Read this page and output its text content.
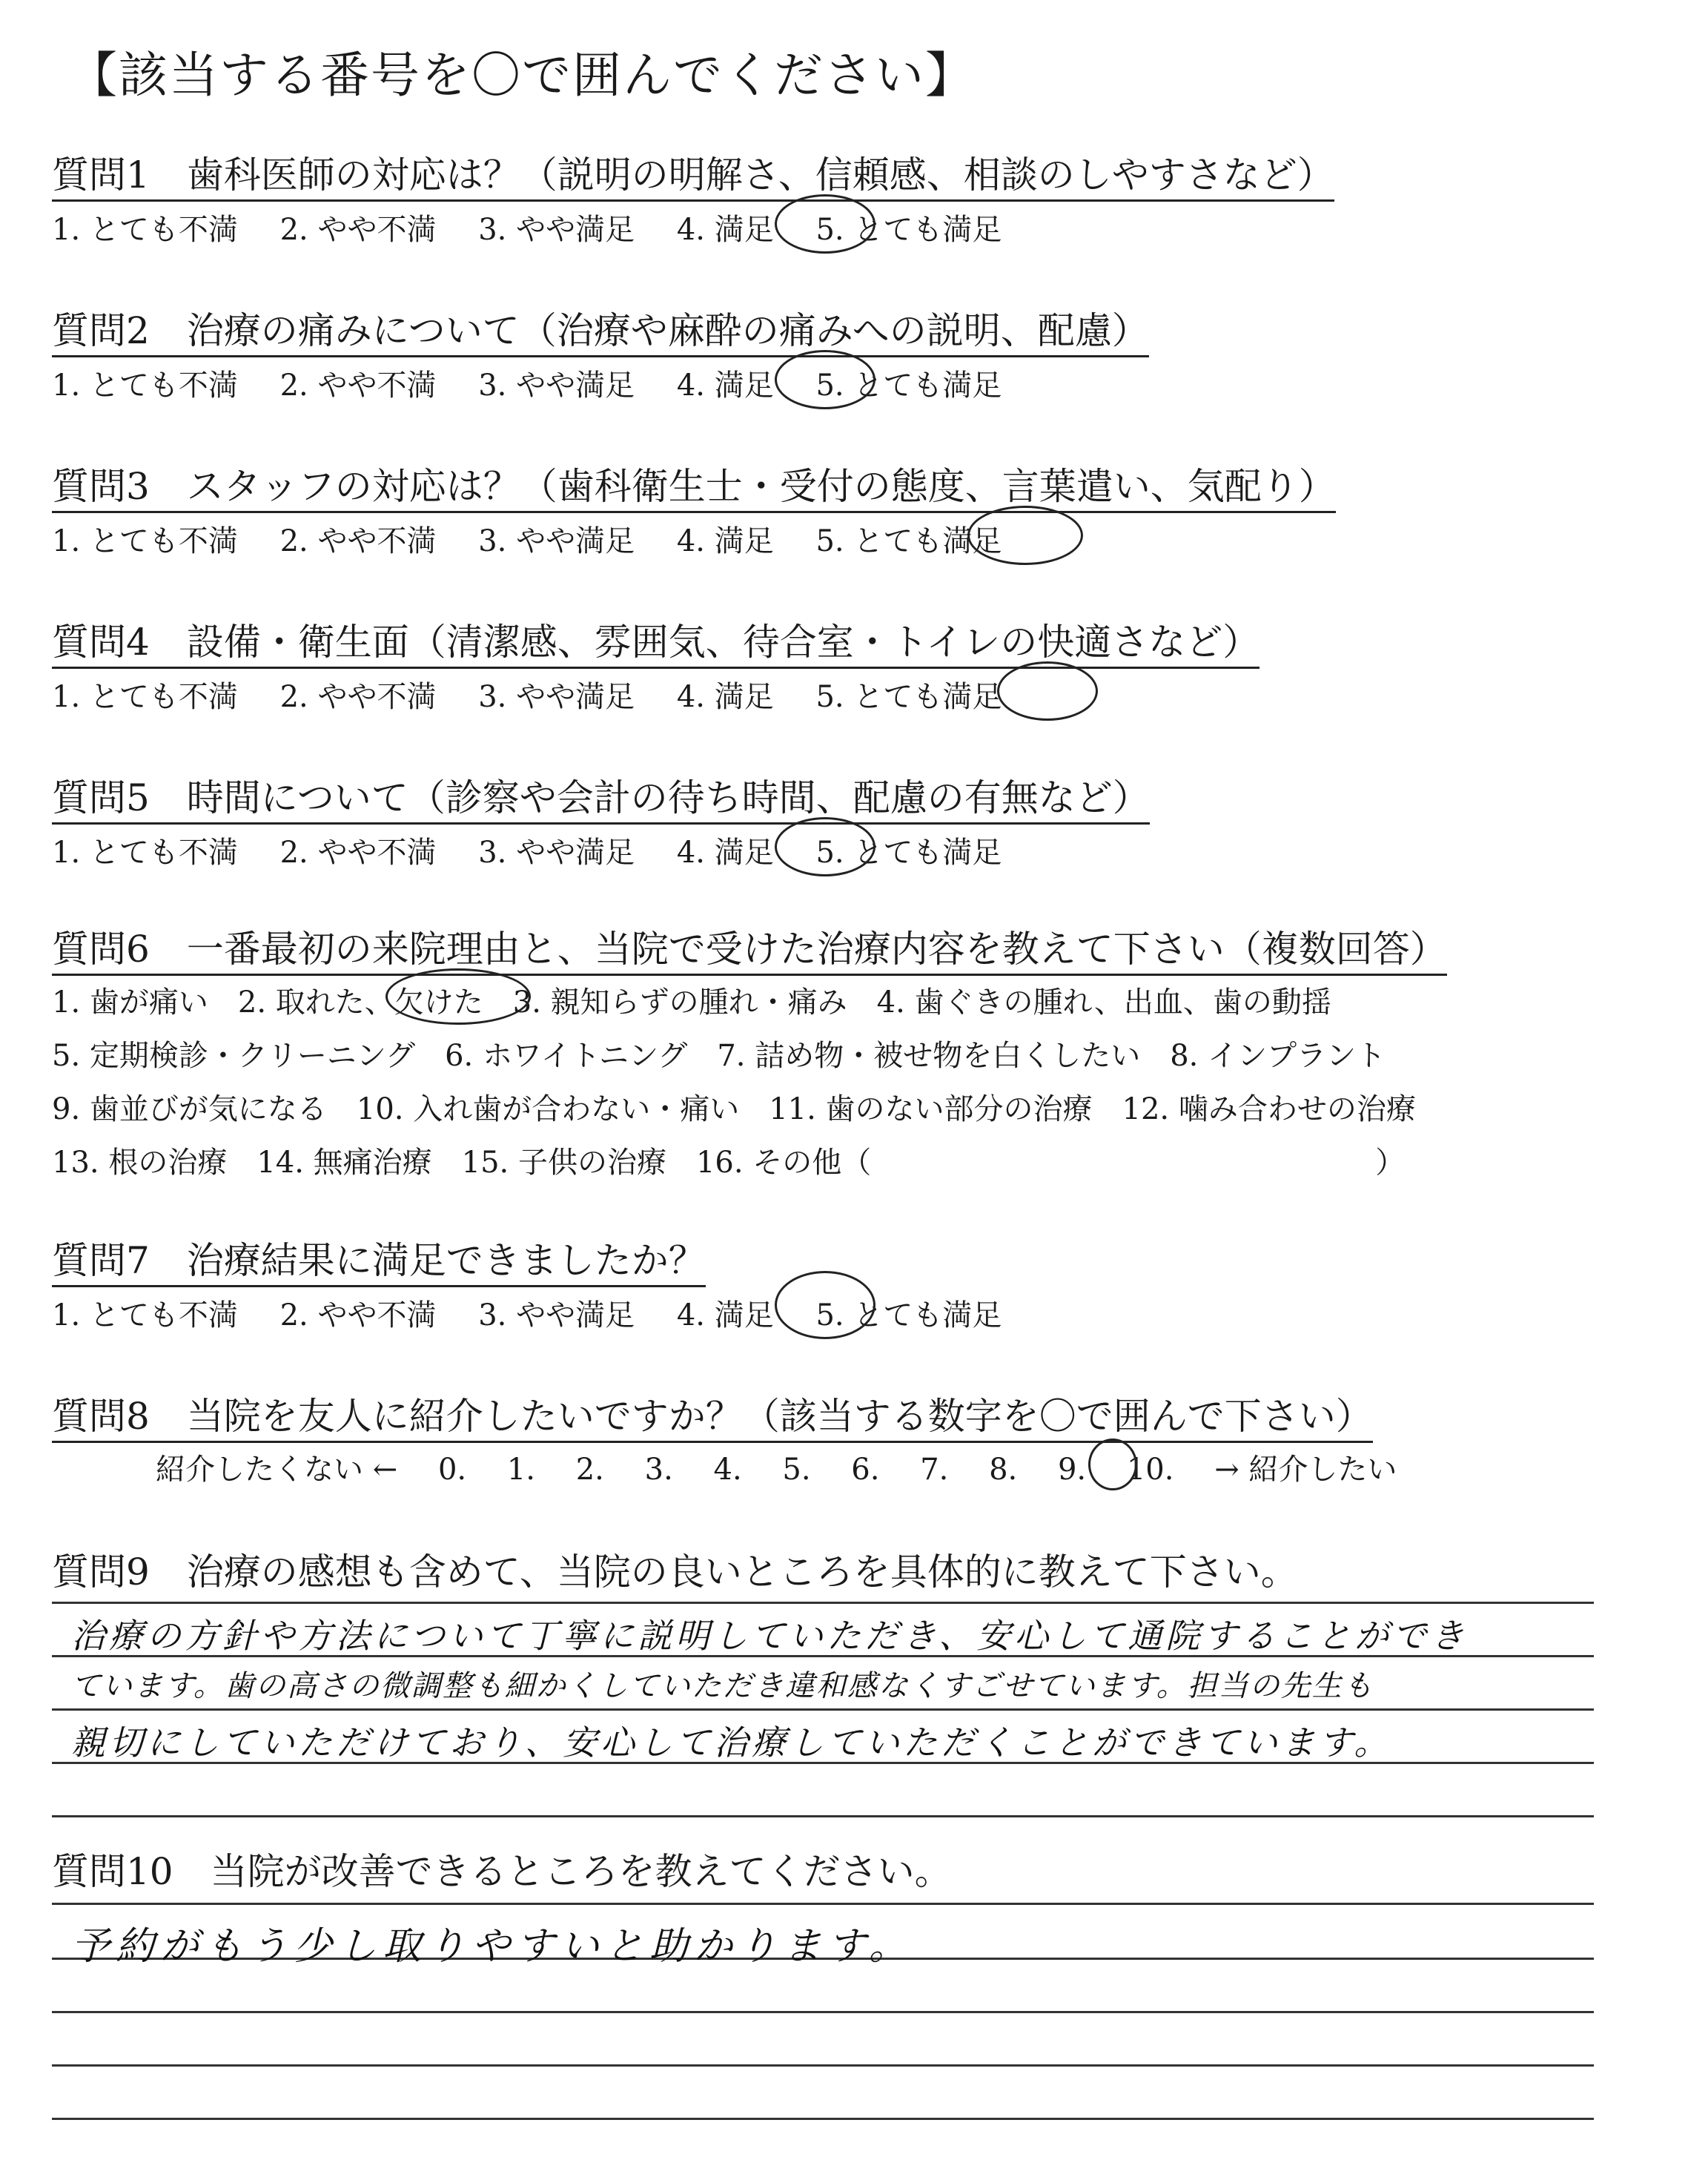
【該当する番号を〇で囲んでください】
質問1　歯科医師の対応は？（説明の明解さ、信頼感、相談のしやすさなど）
1. とても不満 2. やや不満 3. やや満足 4. 満足 5. とても満足
質問2　治療の痛みについて（治療や麻酔の痛みへの説明、配慮）
1. とても不満 2. やや不満 3. やや満足 4. 満足 5. とても満足
質問3　スタッフの対応は？（歯科衛生士・受付の態度、言葉遣い、気配り）
1. とても不満 2. やや不満 3. やや満足 4. 満足 5. とても満足
質問4　設備・衛生面（清潔感、雰囲気、待合室・トイレの快適さなど）
1. とても不満 2. やや不満 3. やや満足 4. 満足 5. とても満足
質問5　時間について（診察や会計の待ち時間、配慮の有無など）
1. とても不満 2. やや不満 3. やや満足 4. 満足 5. とても満足
質問6　一番最初の来院理由と、当院で受けた治療内容を教えて下さい（複数回答）
1. 歯が痛い　2. 取れた、欠けた　3. 親知らずの腫れ・痛み　4. 歯ぐきの腫れ、出血、歯の動揺
5. 定期検診・クリーニング　6. ホワイトニング　7. 詰め物・被せ物を白くしたい　8. インプラント
9. 歯並びが気になる　10. 入れ歯が合わない・痛い　11. 歯のない部分の治療　12. 噛み合わせの治療
13. 根の治療　14. 無痛治療　15. 子供の治療　16. その他（　　　　　　　　　　　　　　　　　）
質問7　治療結果に満足できましたか？
1. とても不満 2. やや不満 3. やや満足 4. 満足 5. とても満足
質問8　当院を友人に紹介したいですか？（該当する数字を〇で囲んで下さい）
紹介したくない ← 0. 1. 2. 3. 4. 5. 6. 7. 8. 9. 10. → 紹介したい
質問9　治療の感想も含めて、当院の良いところを具体的に教えて下さい。
治療の方針や方法について丁寧に説明していただき、安心して通院することができ
ています。歯の高さの微調整も細かくしていただき違和感なくすごせています。担当の先生も
親切にしていただけており、安心して治療していただくことができています。
質問10　当院が改善できるところを教えてください。
予約がもう少し取りやすいと助かります。
